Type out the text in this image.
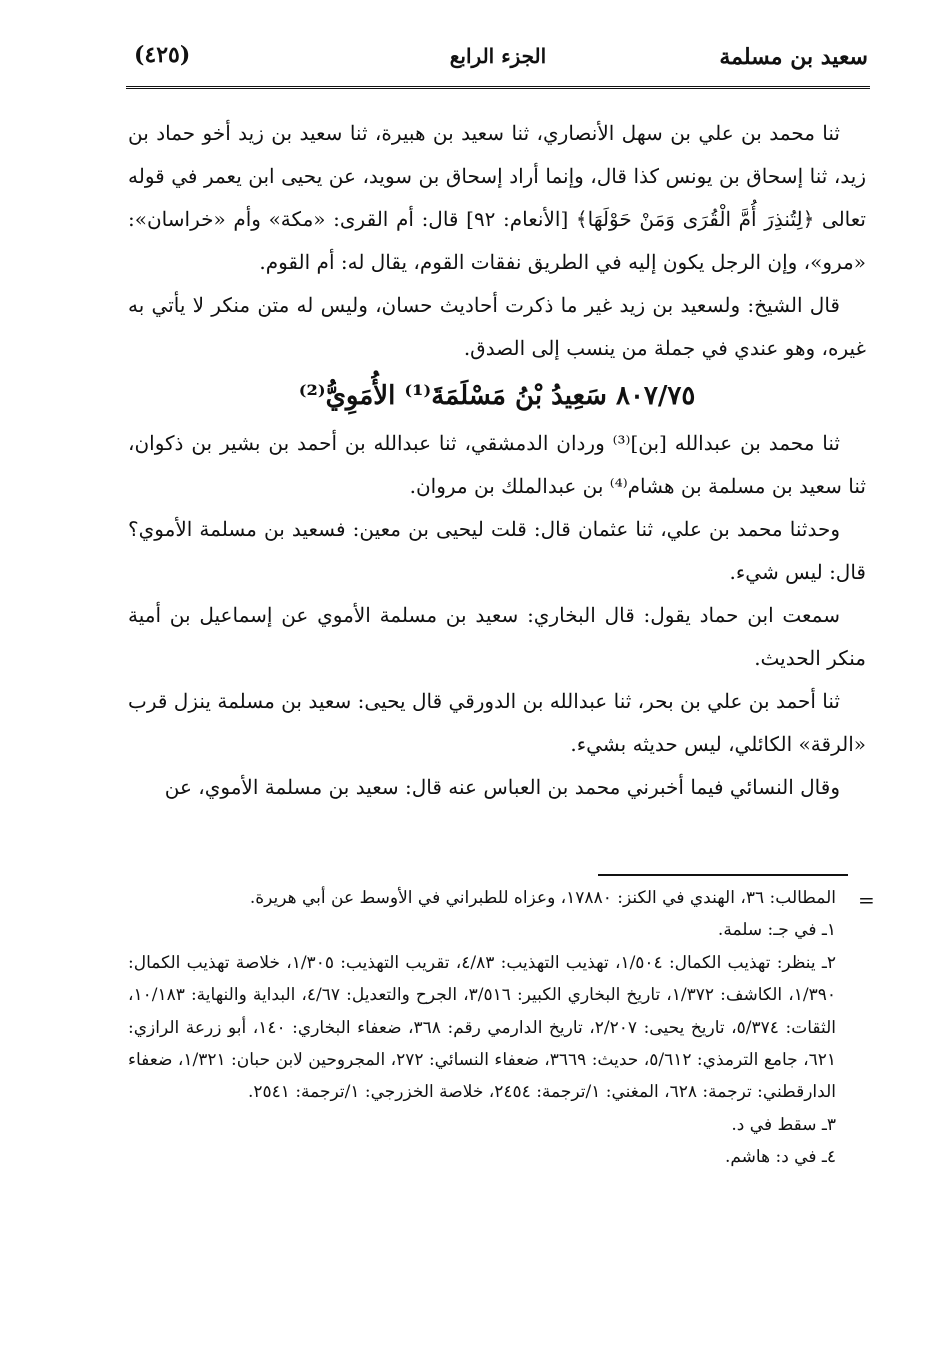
سعيد بن مسلمة
الجزء الرابع
(٤٢٥)

ثنا محمد بن علي بن سهل الأنصاري، ثنا سعيد بن هبيرة، ثنا سعيد بن زيد أخو حماد بن زيد، ثنا إسحاق بن يونس كذا قال، وإنما أراد إسحاق بن سويد، عن يحيى ابن يعمر في قوله تعالى ﴿لِتُنذِرَ أُمَّ الْقُرَى وَمَنْ حَوْلَهَا﴾ [الأنعام: ٩٢] قال: أم القرى: «مكة» وأم «خراسان»: «مرو»، وإن الرجل يكون إليه في الطريق نفقات القوم، يقال له: أم القوم.

قال الشيخ: ولسعيد بن زيد غير ما ذكرت أحاديث حسان، وليس له متن منكر لا يأتي به غيره، وهو عندي في جملة من ينسب إلى الصدق.

٨٠٧/٧٥ سَعِيدُ بْنُ مَسْلَمَةَ⁽¹⁾ الأُمَوِيُّ⁽²⁾

ثنا محمد بن عبدالله [بن]⁽³⁾ وردان الدمشقي، ثنا عبدالله بن أحمد بن بشير بن ذكوان، ثنا سعيد بن مسلمة بن هشام⁽⁴⁾ بن عبدالملك بن مروان.

وحدثنا محمد بن علي، ثنا عثمان قال: قلت ليحيى بن معين: فسعيد بن مسلمة الأموي؟ قال: ليس شيء.

سمعت ابن حماد يقول: قال البخاري: سعيد بن مسلمة الأموي عن إسماعيل بن أمية منكر الحديث.

ثنا أحمد بن علي بن بحر، ثنا عبدالله بن الدورقي قال يحيى: سعيد بن مسلمة ينزل قرب «الرقة» الكائلي، ليس حديثه بشيء.

وقال النسائي فيما أخبرني محمد بن العباس عنه قال: سعيد بن مسلمة الأموي، عن

=

المطالب: ٣٦، الهندي في الكنز: ١٧٨٨٠، وعزاه للطبراني في الأوسط عن أبي هريرة.

١ـ في جـ: سلمة.

٢ـ ينظر: تهذيب الكمال: ١/٥٠٤، تهذيب التهذيب: ٤/٨٣، تقريب التهذيب: ١/٣٠٥، خلاصة تهذيب الكمال: ١/٣٩٠، الكاشف: ١/٣٧٢، تاريخ البخاري الكبير: ٣/٥١٦، الجرح والتعديل: ٤/٦٧، البداية والنهاية: ١٠/١٨٣، الثقات: ٥/٣٧٤، تاريخ يحيى: ٢/٢٠٧، تاريخ الدارمي رقم: ٣٦٨، ضعفاء البخاري: ١٤٠، أبو زرعة الرازي: ٦٢١، جامع الترمذي: ٥/٦١٢، حديث: ٣٦٦٩، ضعفاء النسائي: ٢٧٢، المجروحين لابن حبان: ١/٣٢١، ضعفاء الدارقطني: ترجمة: ٦٢٨، المغني: ١/ترجمة: ٢٤٥٤، خلاصة الخزرجي: ١/ترجمة: ٢٥٤١.

٣ـ سقط في د.

٤ـ في د: هاشم.
